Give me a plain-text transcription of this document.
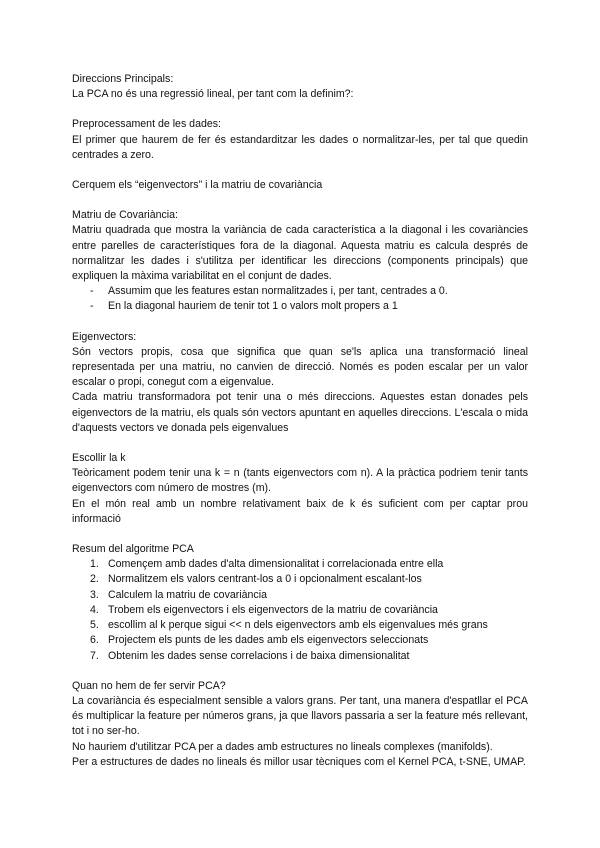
Direccions Principals:

La PCA no és una regressió lineal, per tant com la definim?:

Preprocessament de les dades:

El primer que haurem de fer és estandarditzar les dades o normalitzar-les, per tal que quedin centrades a zero.

Cerquem els “eigenvectors” i la matriu de covariància

Matriu de Covariància:

Matriu quadrada que mostra la variància de cada característica a la diagonal i les covariàncies entre parelles de característiques fora de la diagonal. Aquesta matriu es calcula després de normalitzar les dades i s'utilitza per identificar les direccions (components principals) que expliquen la màxima variabilitat en el conjunt de dades.

- Assumim que les features estan normalitzades i, per tant, centrades a 0.
- En la diagonal hauriem de tenir tot 1 o valors molt propers a 1

Eigenvectors:

Són vectors propis, cosa que significa que quan se'ls aplica una transformació lineal representada per una matriu, no canvien de direcció. Només es poden escalar per un valor escalar o propi, conegut com a eigenvalue.

Cada matriu transformadora pot tenir una o més direccions. Aquestes estan donades pels eigenvectors de la matriu, els quals són vectors apuntant en aquelles direccions. L'escala o mida d'aquests vectors ve donada pels eigenvalues

Escollir la k

Teòricament podem tenir una k = n (tants eigenvectors com n). A la pràctica podriem tenir tants eigenvectors com número de mostres (m).

En el món real amb un nombre relativament baix de k és suficient com per captar prou informació

Resum del algoritme PCA

1. Començem amb dades d'alta dimensionalitat i correlacionada entre ella
2. Normalitzem els valors centrant-los a 0 i opcionalment escalant-los
3. Calculem la matriu de covariància
4. Trobem els eigenvectors i els eigenvectors de la matriu de covariància
5. escollim al k perque sigui << n dels eigenvectors amb els eigenvalues més grans
6. Projectem els punts de les dades amb els eigenvectors seleccionats
7. Obtenim les dades sense correlacions i de baixa dimensionalitat

Quan no hem de fer servir PCA?

La covariància és especialment sensible a valors grans. Per tant, una manera d'espatllar el PCA és multiplicar la feature per números grans, ja que llavors passaria a ser la feature més rellevant, tot i no ser-ho.

No hauriem d'utilitzar PCA per a dades amb estructures no lineals complexes (manifolds).

Per a estructures de dades no lineals és millor usar tècniques com el Kernel PCA, t-SNE, UMAP.
